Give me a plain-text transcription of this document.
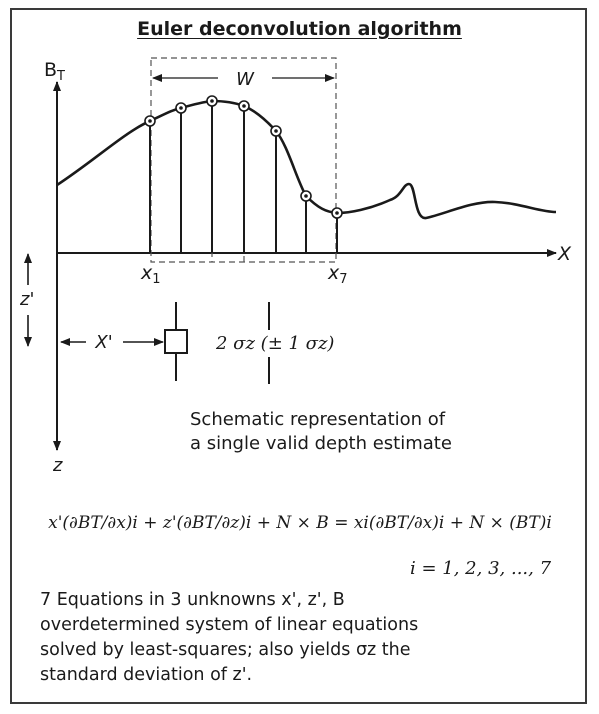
$B_T$	W
X
$x_1$	$x_7$
z'
X'	2 σz (± 1 σz)
z
x'(∂BT/∂x)i + z'(∂BT/∂z)i + N × B = xi(∂BT/∂x)i + N × (BT)i
i = 1, 2, 3, ..., 7
Euler deconvolution algorithm
Schematic representation of
a single valid depth estimate
7 Equations in 3 unknowns x', z', B
overdetermined system of linear equations
solved by least-squares; also yields σz the
standard deviation of z'.
